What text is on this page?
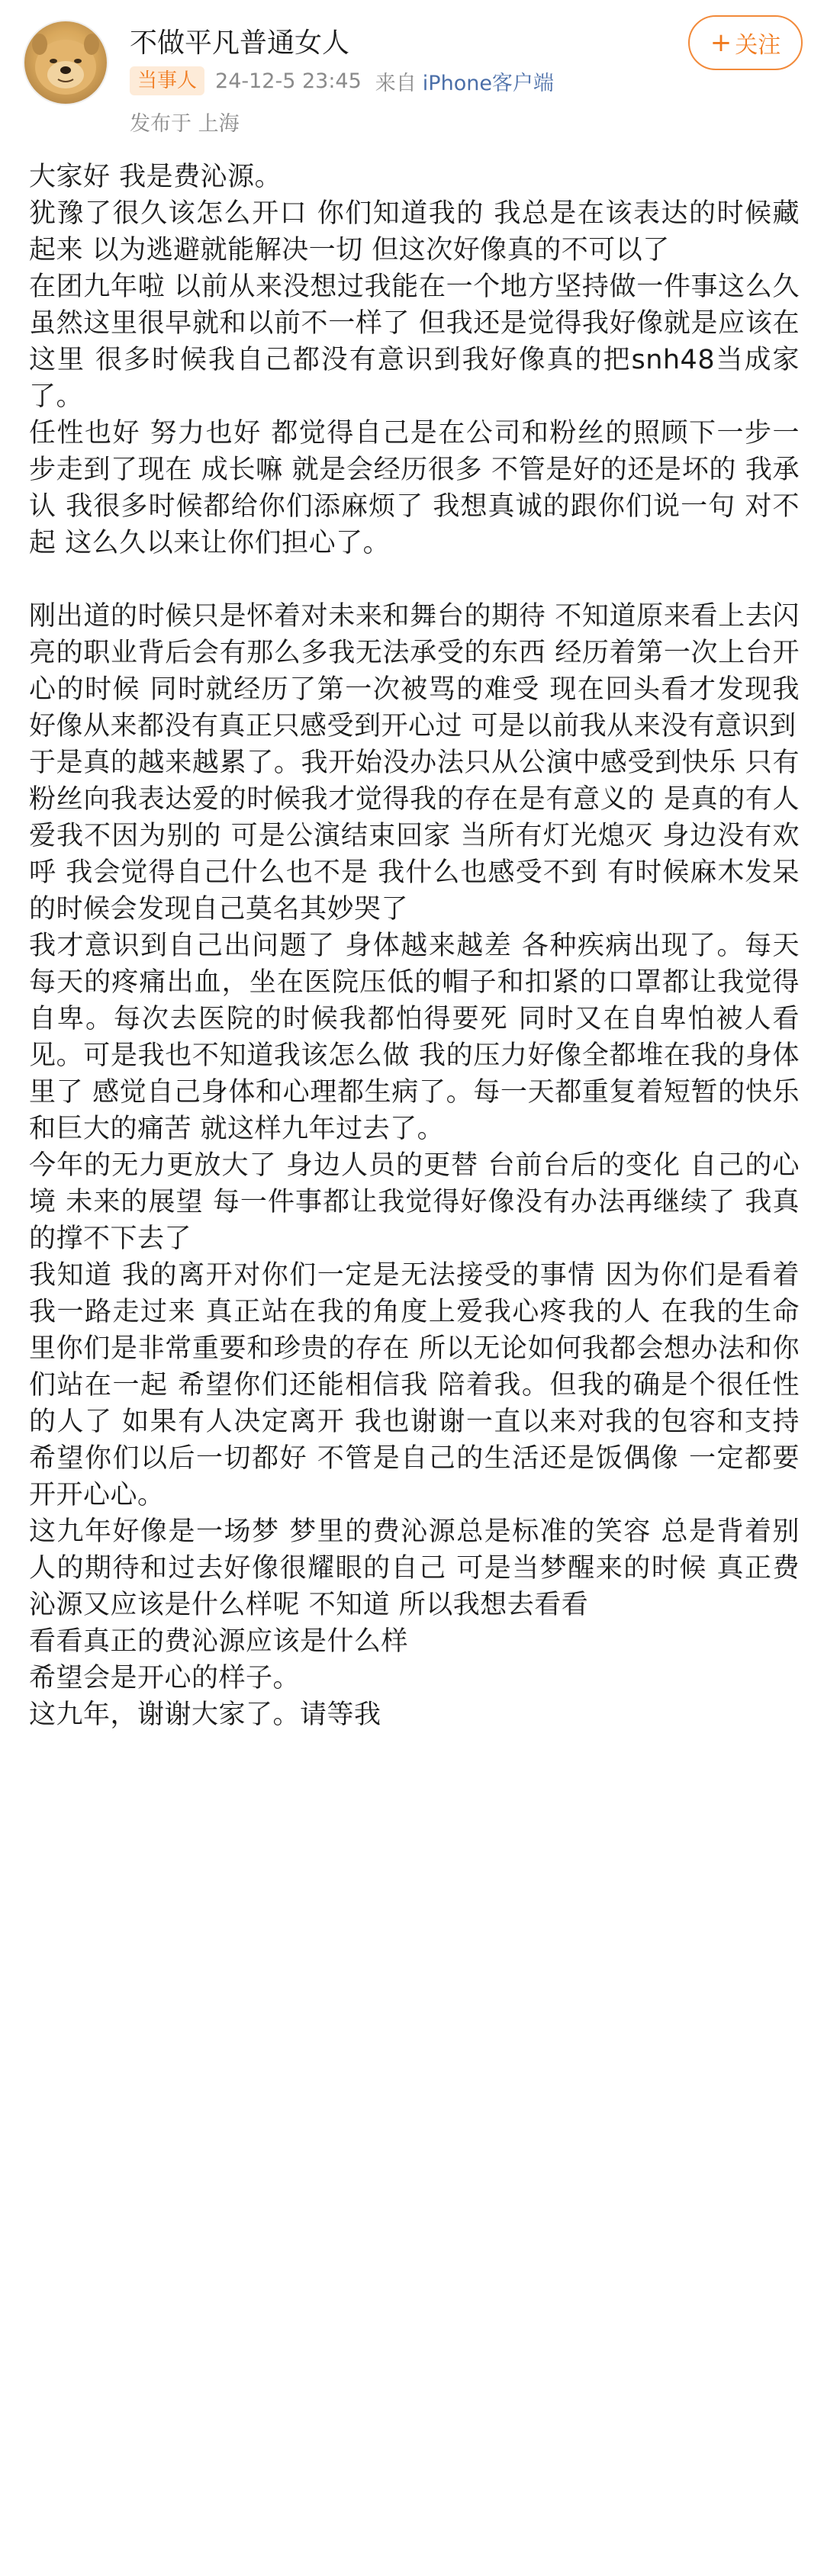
不做平凡普通女人
当事人 24-12-5 23:45 来自 iPhone客户端
发布于 上海
+ 关注

大家好 我是费沁源。

犹豫了很久该怎么开口 你们知道我的 我总是在该表达的时候藏起来 以为逃避就能解决一切 但这次好像真的不可以了

在团九年啦 以前从来没想过我能在一个地方坚持做一件事这么久 虽然这里很早就和以前不一样了 但我还是觉得我好像就是应该在这里 很多时候我自己都没有意识到我好像真的把snh48当成家了。

任性也好 努力也好 都觉得自己是在公司和粉丝的照顾下一步一步走到了现在 成长嘛 就是会经历很多 不管是好的还是坏的 我承认 我很多时候都给你们添麻烦了 我想真诚的跟你们说一句 对不起 这么久以来让你们担心了。

刚出道的时候只是怀着对未来和舞台的期待 不知道原来看上去闪亮的职业背后会有那么多我无法承受的东西 经历着第一次上台开心的时候 同时就经历了第一次被骂的难受 现在回头看才发现我好像从来都没有真正只感受到开心过 可是以前我从来没有意识到

于是真的越来越累了。我开始没办法只从公演中感受到快乐 只有粉丝向我表达爱的时候我才觉得我的存在是有意义的 是真的有人爱我不因为别的 可是公演结束回家 当所有灯光熄灭 身边没有欢呼 我会觉得自己什么也不是 我什么也感受不到 有时候麻木发呆的时候会发现自己莫名其妙哭了

我才意识到自己出问题了 身体越来越差 各种疾病出现了。每天每天的疼痛出血，坐在医院压低的帽子和扣紧的口罩都让我觉得自卑。每次去医院的时候我都怕得要死 同时又在自卑怕被人看见。可是我也不知道我该怎么做 我的压力好像全都堆在我的身体里了 感觉自己身体和心理都生病了。每一天都重复着短暂的快乐和巨大的痛苦 就这样九年过去了。

今年的无力更放大了 身边人员的更替 台前台后的变化 自己的心境 未来的展望 每一件事都让我觉得好像没有办法再继续了 我真的撑不下去了

我知道 我的离开对你们一定是无法接受的事情 因为你们是看着我一路走过来 真正站在我的角度上爱我心疼我的人 在我的生命里你们是非常重要和珍贵的存在 所以无论如何我都会想办法和你们站在一起 希望你们还能相信我 陪着我。但我的确是个很任性的人了 如果有人决定离开 我也谢谢一直以来对我的包容和支持 希望你们以后一切都好 不管是自己的生活还是饭偶像 一定都要开开心心。

这九年好像是一场梦 梦里的费沁源总是标准的笑容 总是背着别人的期待和过去好像很耀眼的自己 可是当梦醒来的时候 真正费沁源又应该是什么样呢 不知道 所以我想去看看

看看真正的费沁源应该是什么样

希望会是开心的样子。

这九年，谢谢大家了。请等我
